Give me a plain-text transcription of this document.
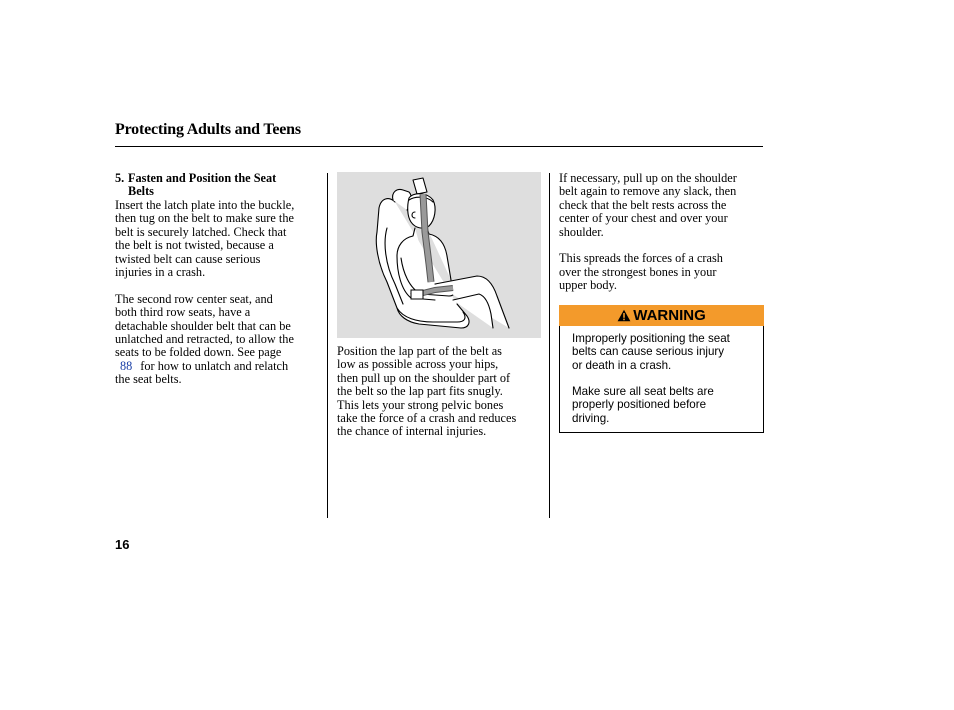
Protecting Adults and Teens
5. Fasten and Position the Seat
Belts
Insert the latch plate into the buckle,
then tug on the belt to make sure the
belt is securely latched. Check that
the belt is not twisted, because a
twisted belt can cause serious
injuries in a crash.
The second row center seat, and
both third row seats, have a
detachable shoulder belt that can be
unlatched and retracted, to allow the
seats to be folded down. See page
88 for how to unlatch and relatch
the seat belts.
Position the lap part of the belt as
low as possible across your hips,
then pull up on the shoulder part of
the belt so the lap part fits snugly.
This lets your strong pelvic bones
take the force of a crash and reduces
the chance of internal injuries.
If necessary, pull up on the shoulder
belt again to remove any slack, then
check that the belt rests across the
center of your chest and over your
shoulder.
This spreads the forces of a crash
over the strongest bones in your
upper body.
WARNING
Improperly positioning the seat
belts can cause serious injury
or death in a crash.
Make sure all seat belts are
properly positioned before
driving.
16
